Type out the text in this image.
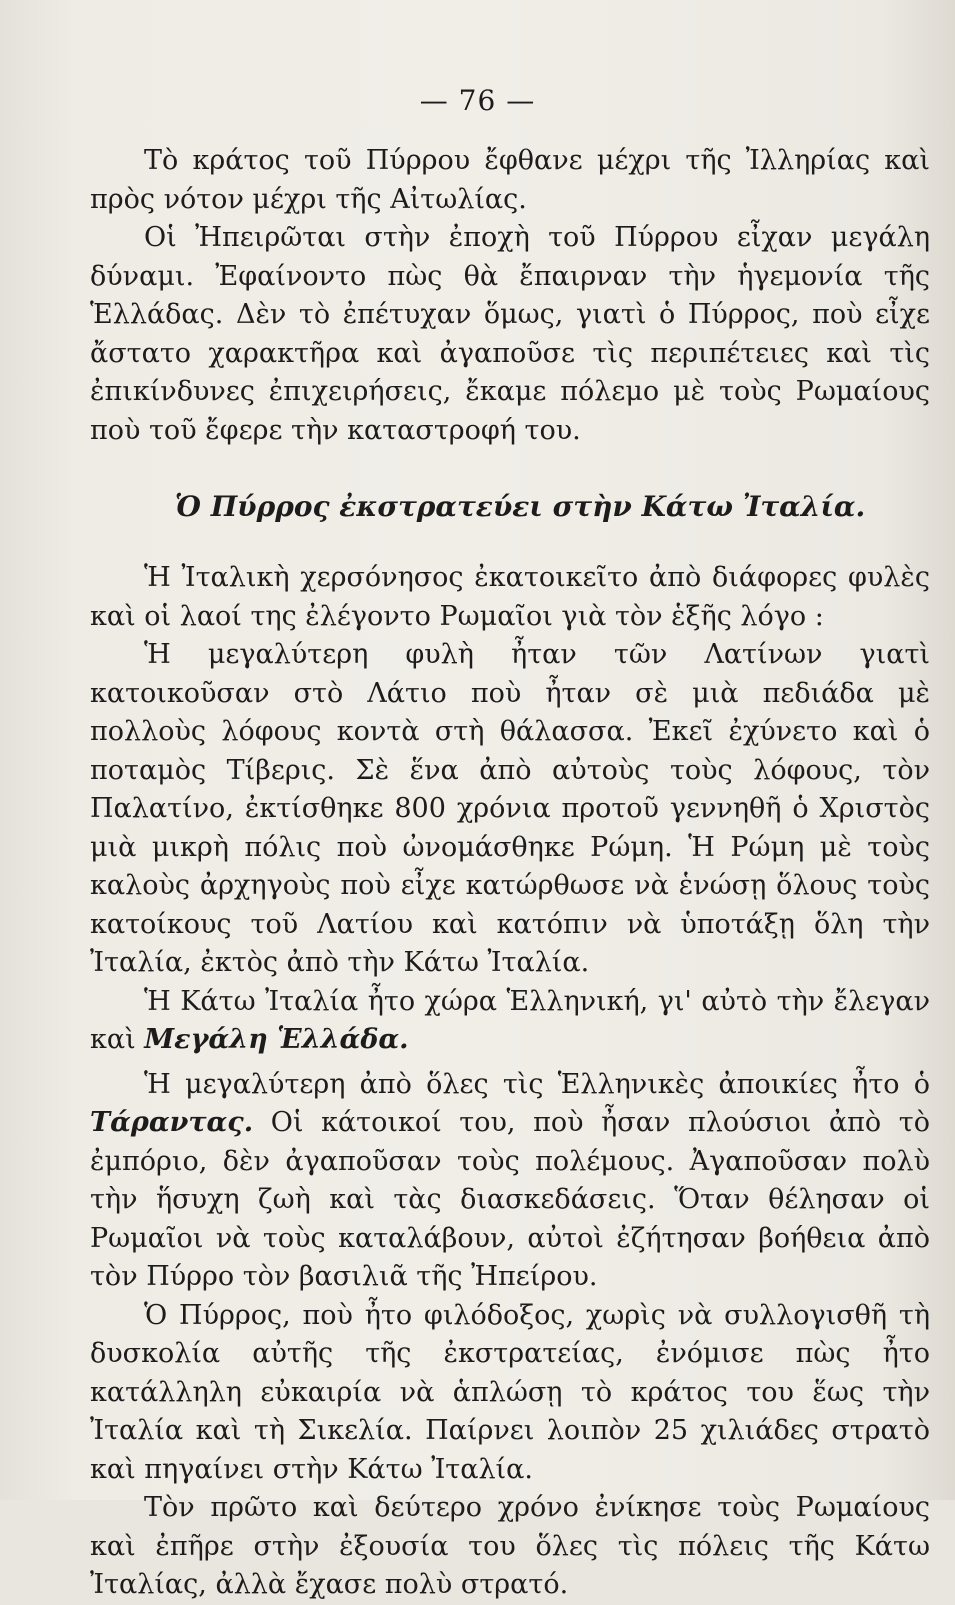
— 76 —

Τὸ κράτος τοῦ Πύρρου ἔφθανε μέχρι τῆς Ἰλληρίας καὶ πρὸς νότον μέχρι τῆς Αἰτωλίας.

Οἱ Ἠπειρῶται στὴν ἐποχὴ τοῦ Πύρρου εἶχαν μεγάλη δύναμι. Ἐφαίνοντο πὼς θὰ ἔπαιρναν τὴν ἡγεμονία τῆς Ἑλλάδας. Δὲν τὸ ἐπέτυχαν ὅμως, γιατὶ ὁ Πύρρος, ποὺ εἶχε ἄστατο χαρακτῆρα καὶ ἀγαποῦσε τὶς περιπέτειες καὶ τὶς ἐπικίνδυνες ἐπιχειρήσεις, ἔκαμε πόλεμο μὲ τοὺς Ρωμαίους ποὺ τοῦ ἔφερε τὴν καταστροφή του.

Ὁ Πύρρος ἐκστρατεύει στὴν Κάτω Ἰταλία.

Ἡ Ἰταλικὴ χερσόνησος ἐκατοικεῖτο ἀπὸ διάφορες φυλὲς καὶ οἱ λαοί της ἐλέγοντο Ρωμαῖοι γιὰ τὸν ἑξῆς λόγο :

Ἡ μεγαλύτερη φυλὴ ἦταν τῶν Λατίνων γιατὶ κατοικοῦσαν στὸ Λάτιο ποὺ ἦταν σὲ μιὰ πεδιάδα μὲ πολλοὺς λόφους κοντὰ στὴ θάλασσα. Ἐκεῖ ἐχύνετο καὶ ὁ ποταμὸς Τίβερις. Σὲ ἕνα ἀπὸ αὐτοὺς τοὺς λόφους, τὸν Παλατίνο, ἐκτίσθηκε 800 χρόνια προτοῦ γεννηθῆ ὁ Χριστὸς μιὰ μικρὴ πόλις ποὺ ὠνομάσθηκε Ρώμη. Ἡ Ρώμη μὲ τοὺς καλοὺς ἀρχηγοὺς ποὺ εἶχε κατώρθωσε νὰ ἑνώσῃ ὅλους τοὺς κατοίκους τοῦ Λατίου καὶ κατόπιν νὰ ὑποτάξῃ ὅλη τὴν Ἰταλία, ἐκτὸς ἀπὸ τὴν Κάτω Ἰταλία.

Ἡ Κάτω Ἰταλία ἦτο χώρα Ἑλληνική, γι' αὐτὸ τὴν ἔλεγαν καὶ Μεγάλη Ἑλλάδα.

Ἡ μεγαλύτερη ἀπὸ ὅλες τὶς Ἑλληνικὲς ἀποικίες ἦτο ὁ Τάραντας. Οἱ κάτοικοί του, ποὺ ἦσαν πλούσιοι ἀπὸ τὸ ἐμπόριο, δὲν ἀγαποῦσαν τοὺς πολέμους. Ἀγαποῦσαν πολὺ τὴν ἥσυχη ζωὴ καὶ τὰς διασκεδάσεις. Ὅταν θέλησαν οἱ Ρωμαῖοι νὰ τοὺς καταλάβουν, αὐτοὶ ἐζήτησαν βοήθεια ἀπὸ τὸν Πύρρο τὸν βασιλιᾶ τῆς Ἠπείρου.

Ὁ Πύρρος, ποὺ ἦτο φιλόδοξος, χωρὶς νὰ συλλογισθῆ τὴ δυσκολία αὐτῆς τῆς ἐκστρατείας, ἐνόμισε πὼς ἦτο κατάλληλη εὐκαιρία νὰ ἁπλώσῃ τὸ κράτος του ἕως τὴν Ἰταλία καὶ τὴ Σικελία. Παίρνει λοιπὸν 25 χιλιάδες στρατὸ καὶ πηγαίνει στὴν Κάτω Ἰταλία.

Τὸν πρῶτο καὶ δεύτερο χρόνο ἐνίκησε τοὺς Ρωμαίους καὶ ἐπῆρε στὴν ἐξουσία του ὅλες τὶς πόλεις τῆς Κάτω Ἰταλίας, ἀλλὰ ἔχασε πολὺ στρατό.
